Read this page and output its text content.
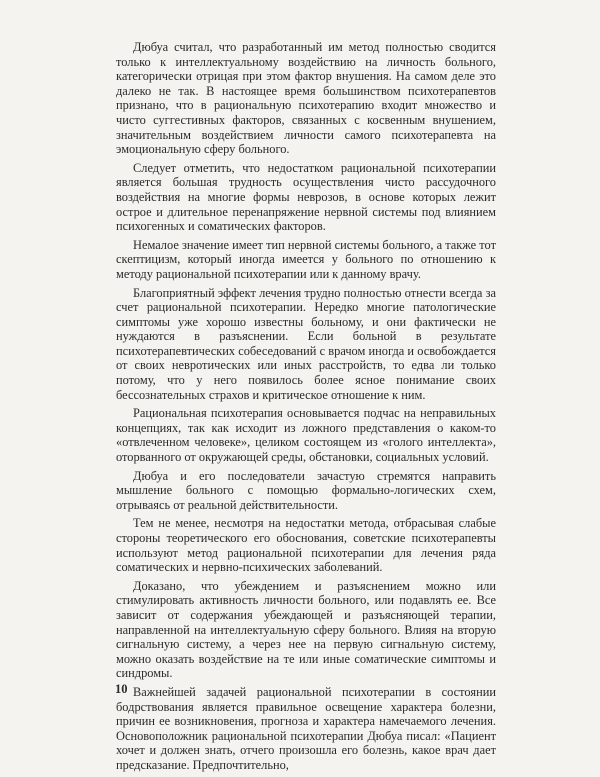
Дюбуа считал, что разработанный им метод полностью сводится только к интеллектуальному воздействию на личность больного, категорически отрицая при этом фактор внушения. На самом деле это далеко не так. В настоящее время большинством психотерапевтов признано, что в рациональную психотерапию входит множество и чисто суггестивных факторов, связанных с косвенным внушением, значительным воздействием личности самого психотерапевта на эмоциональную сферу больного.

Следует отметить, что недостатком рациональной психотерапии является большая трудность осуществления чисто рассудочного воздействия на многие формы неврозов, в основе которых лежит острое и длительное перенапряжение нервной системы под влиянием психогенных и соматических факторов.

Немалое значение имеет тип нервной системы больного, а также тот скептицизм, который иногда имеется у больного по отношению к методу рациональной психотерапии или к данному врачу.

Благоприятный эффект лечения трудно полностью отнести всегда за счет рациональной психотерапии. Нередко многие патологические симптомы уже хорошо известны больному, и они фактически не нуждаются в разъяснении. Если больной в результате психотерапевтических собеседований с врачом иногда и освобождается от своих невротических или иных расстройств, то едва ли только потому, что у него появилось более ясное понимание своих бессознательных страхов и критическое отношение к ним.

Рациональная психотерапия основывается подчас на неправильных концепциях, так как исходит из ложного представления о каком-то «отвлеченном человеке», целиком состоящем из «голого интеллекта», оторванного от окружающей среды, обстановки, социальных условий.

Дюбуа и его последователи зачастую стремятся направить мышление больного с помощью формально-логических схем, отрываясь от реальной действительности.

Тем не менее, несмотря на недостатки метода, отбрасывая слабые стороны теоретического его обоснования, советские психотерапевты используют метод рациональной психотерапии для лечения ряда соматических и нервно-психических заболеваний.

Доказано, что убеждением и разъяснением можно или стимулировать активность личности больного, или подавлять ее. Все зависит от содержания убеждающей и разъясняющей терапии, направленной на интеллектуальную сферу больного. Влияя на вторую сигнальную систему, а через нее на первую сигнальную систему, можно оказать воздействие на те или иные соматические симптомы и синдромы.

Важнейшей задачей рациональной психотерапии в состоянии бодрствования является правильное освещение характера болезни, причин ее возникновения, прогноза и характера намечаемого лечения. Основоположник рациональной психотерапии Дюбуа писал: «Пациент хочет и должен знать, отчего произошла его болезнь, какое врач дает предсказание. Предпочтительно,

10
